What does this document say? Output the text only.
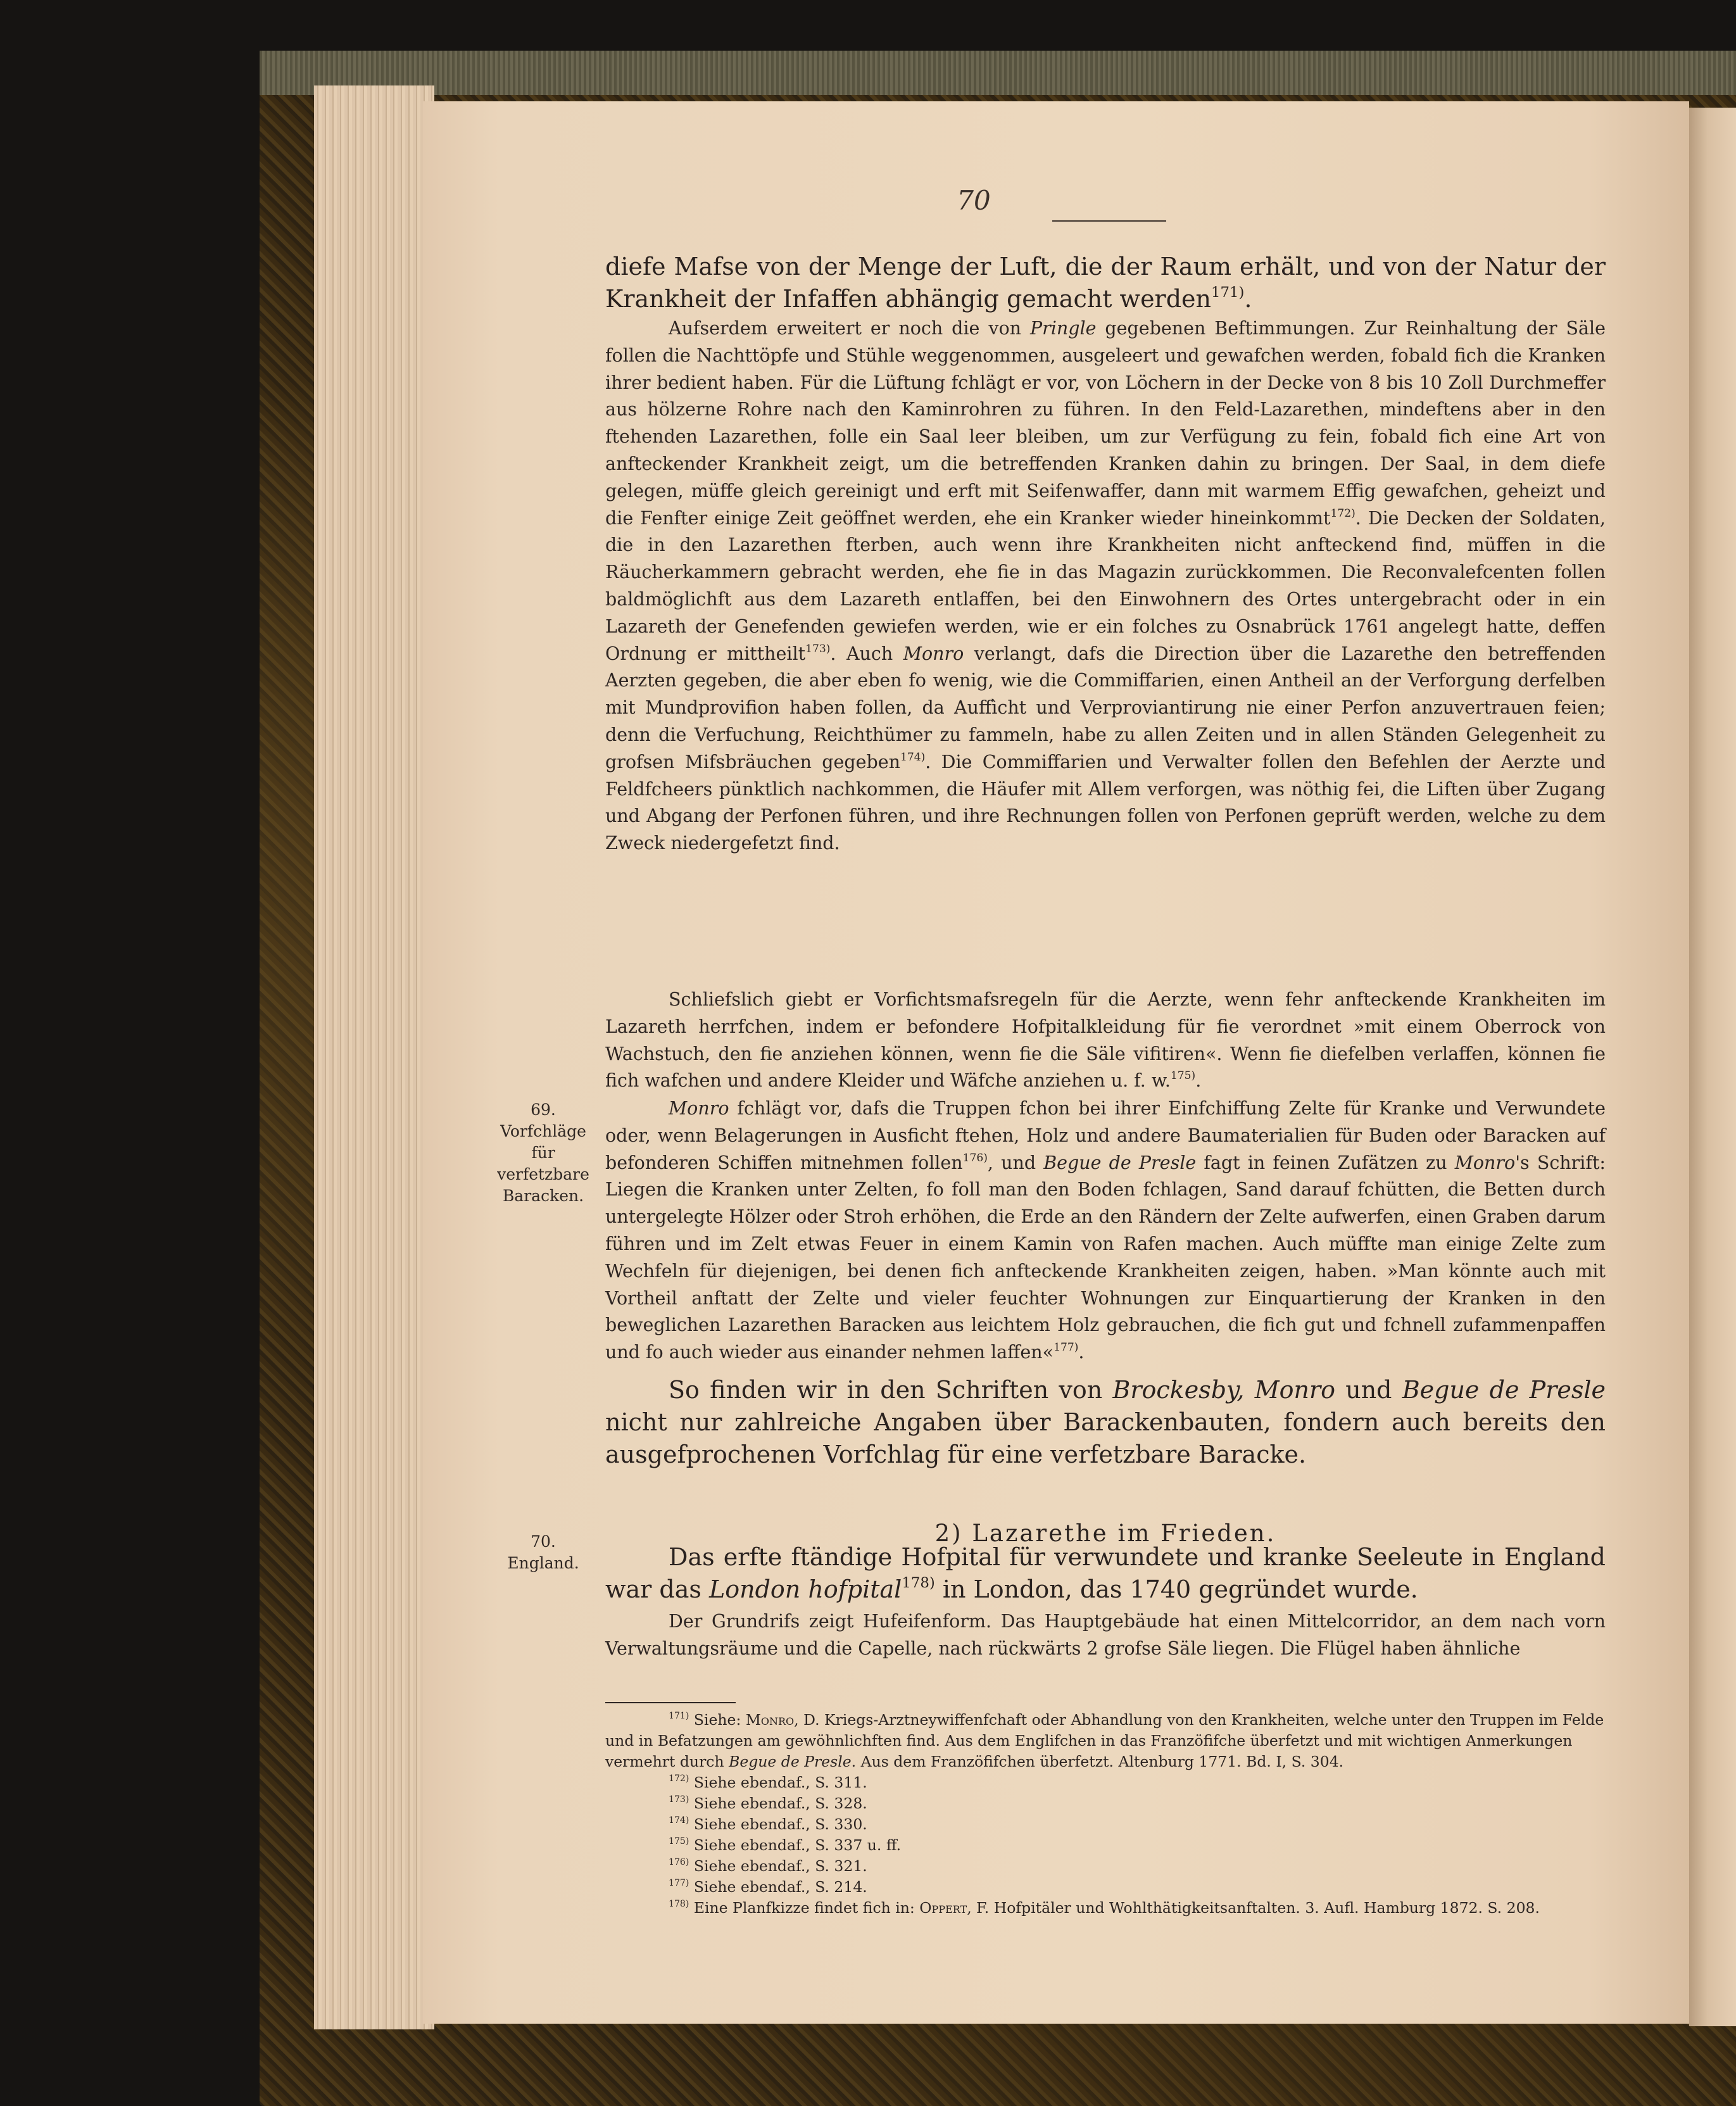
70
69.
Vorfchläge
für
verfetzbare
Baracken.
70.
England.
diefe Mafse von der Menge der Luft, die der Raum erhält, und von der Natur der Krankheit der Infaffen abhängig gemacht werden$^{171)}$.
Aufserdem erweitert er noch die von Pringle gegebenen Beftimmungen. Zur Reinhaltung der Säle follen die Nachttöpfe und Stühle weggenommen, ausgeleert und gewafchen werden, fobald fich die Kranken ihrer bedient haben. Für die Lüftung fchlägt er vor, von Löchern in der Decke von 8 bis 10 Zoll Durchmeffer aus hölzerne Rohre nach den Kaminrohren zu führen. In den Feld-Lazarethen, mindeftens aber in den ftehenden Lazarethen, folle ein Saal leer bleiben, um zur Verfügung zu fein, fobald fich eine Art von anfteckender Krankheit zeigt, um die betreffenden Kranken dahin zu bringen. Der Saal, in dem diefe gelegen, müffe gleich gereinigt und erft mit Seifenwaffer, dann mit warmem Effig gewafchen, geheizt und die Fenfter einige Zeit geöffnet werden, ehe ein Kranker wieder hineinkommt$^{172)}$. Die Decken der Soldaten, die in den Lazarethen fterben, auch wenn ihre Krankheiten nicht anfteckend find, müffen in die Räucherkammern gebracht werden, ehe fie in das Magazin zurückkommen. Die Reconvalefcenten follen baldmöglichft aus dem Lazareth entlaffen, bei den Einwohnern des Ortes untergebracht oder in ein Lazareth der Genefenden gewiefen werden, wie er ein folches zu Osnabrück 1761 angelegt hatte, deffen Ordnung er mittheilt$^{173)}$. Auch Monro verlangt, dafs die Direction über die Lazarethe den betreffenden Aerzten gegeben, die aber eben fo wenig, wie die Commiffarien, einen Antheil an der Verforgung derfelben mit Mundprovifion haben follen, da Auffìcht und Verproviantirung nie einer Perfon anzuvertrauen feien; denn die Verfuchung, Reichthümer zu fammeln, habe zu allen Zeiten und in allen Ständen Gelegenheit zu grofsen Mifsbräuchen gegeben$^{174)}$. Die Commiffarien und Verwalter follen den Befehlen der Aerzte und Feldfcheers pünktlich nachkommen, die Häufer mit Allem verforgen, was nöthig fei, die Liften über Zugang und Abgang der Perfonen führen, und ihre Rechnungen follen von Perfonen geprüft werden, welche zu dem Zweck niedergefetzt find.
Schliefslich giebt er Vorfichtsmafsregeln für die Aerzte, wenn fehr anfteckende Krankheiten im Lazareth herrfchen, indem er befondere Hofpitalkleidung für fie verordnet »mit einem Oberrock von Wachstuch, den fie anziehen können, wenn fie die Säle vifitiren«. Wenn fie diefelben verlaffen, können fie fich wafchen und andere Kleider und Wäfche anziehen u. f. w.$^{175)}$.
Monro fchlägt vor, dafs die Truppen fchon bei ihrer Einfchiffung Zelte für Kranke und Verwundete oder, wenn Belagerungen in Ausficht ftehen, Holz und andere Baumaterialien für Buden oder Baracken auf befonderen Schiffen mitnehmen follen$^{176)}$, und Begue de Presle fagt in feinen Zufätzen zu Monro's Schrift: Liegen die Kranken unter Zelten, fo foll man den Boden fchlagen, Sand darauf fchütten, die Betten durch untergelegte Hölzer oder Stroh erhöhen, die Erde an den Rändern der Zelte aufwerfen, einen Graben darum führen und im Zelt etwas Feuer in einem Kamin von Rafen machen. Auch müffte man einige Zelte zum Wechfeln für diejenigen, bei denen fich anfteckende Krankheiten zeigen, haben. »Man könnte auch mit Vortheil anftatt der Zelte und vieler feuchter Wohnungen zur Einquartierung der Kranken in den beweglichen Lazarethen Baracken aus leichtem Holz gebrauchen, die fich gut und fchnell zufammenpaffen und fo auch wieder aus einander nehmen laffen«$^{177)}$.
So finden wir in den Schriften von Brockesby, Monro und Begue de Presle nicht nur zahlreiche Angaben über Barackenbauten, fondern auch bereits den ausgefprochenen Vorfchlag für eine verfetzbare Baracke.
2) Lazarethe im Frieden.
Das erfte ftändige Hofpital für verwundete und kranke Seeleute in England war das London hofpital$^{178)}$ in London, das 1740 gegründet wurde.
Der Grundrifs zeigt Hufeifenform. Das Hauptgebäude hat einen Mittelcorridor, an dem nach vorn Verwaltungsräume und die Capelle, nach rückwärts 2 grofse Säle liegen. Die Flügel haben ähnliche
$^{171)}$ Siehe: Monro, D. Kriegs-Arztneywiffenfchaft oder Abhandlung von den Krankheiten, welche unter den Truppen im Felde und in Befatzungen am gewöhnlichften find. Aus dem Englifchen in das Franzöfifche überfetzt und mit wichtigen Anmerkungen vermehrt durch Begue de Presle. Aus dem Franzöfifchen überfetzt. Altenburg 1771. Bd. I, S. 304.
$^{172)}$ Siehe ebendaf., S. 311.
$^{173)}$ Siehe ebendaf., S. 328.
$^{174)}$ Siehe ebendaf., S. 330.
$^{175)}$ Siehe ebendaf., S. 337 u. ff.
$^{176)}$ Siehe ebendaf., S. 321.
$^{177)}$ Siehe ebendaf., S. 214.
$^{178)}$ Eine Planfkizze findet fich in: Oppert, F. Hofpitäler und Wohlthätigkeitsanftalten. 3. Aufl. Hamburg 1872. S. 208.
